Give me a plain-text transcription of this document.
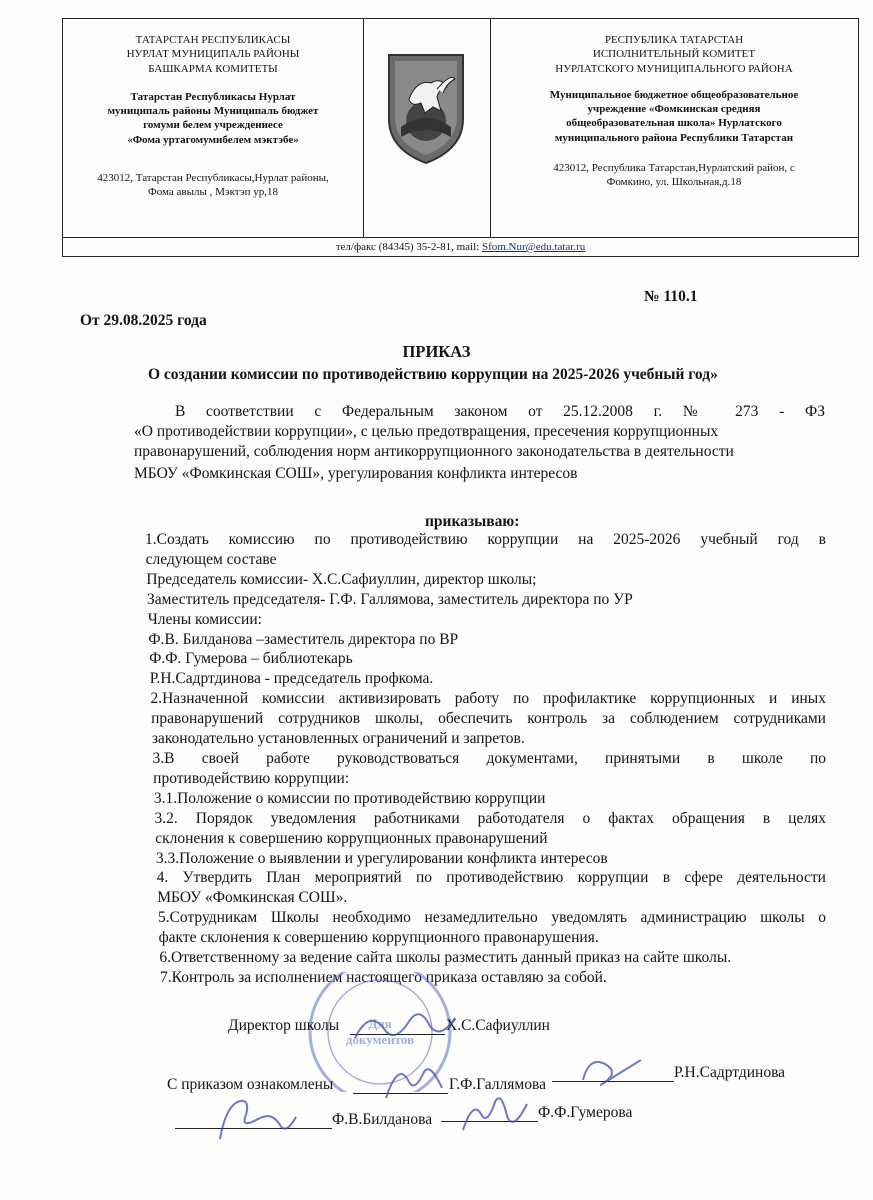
ТАТАРСТАН РЕСПУБЛИКАСЫ

НУРЛАТ МУНИЦИПАЛЬ РАЙОНЫ

БАШКАРМА КОМИТЕТЫ

Татарстан Республикасы Нурлат

муниципаль районы Муниципаль бюджет

гомуми белем учреждениесе

«Фома уртагомумибелем мэктэбе»

423012, Татарстан Республикасы,Нурлат районы,

Фома авылы , Мэктэп ур,18

РЕСПУБЛИКА ТАТАРСТАН

ИСПОЛНИТЕЛЬНЫЙ КОМИТЕТ

НУРЛАТСКОГО МУНИЦИПАЛЬНОГО РАЙОНА

Муниципальное бюджетное общеобразовательное

учреждение «Фомкинская средняя

общеобразовательная школа» Нурлатского

муниципального района Республики Татарстан

423012, Республика Татарстан,Нурлатский район, с

Фомкино, ул. Школьная,д.18

тел/факс (84345) 35-2-81, mail: Sfom.Nur@edu.tatar.ru
№ 110.1
От 29.08.2025 года
ПРИКАЗ
О создании комиссии по противодействию коррупции на 2025-2026 учебный год»
В соответствии с Федеральным законом от 25.12.2008 г. № 273 - ФЗ
«О противодействии коррупции», с целью предотвращения, пресечения коррупционных
правонарушений, соблюдения норм антикоррупционного законодательства в деятельности
МБОУ «Фомкинская СОШ», урегулирования конфликта интересов
приказываю:
1.Создать комиссию по противодействию коррупции на 2025-2026 учебный год в
следующем составе
Председатель комиссии- Х.С.Сафиуллин, директор школы;
Заместитель председателя- Г.Ф. Галлямова, заместитель директора по УР
Члены комиссии:
Ф.В. Билданова –заместитель директора по ВР
Ф.Ф. Гумерова – библиотекарь
Р.Н.Садртдинова - председатель профкома.
2.Назначенной комиссии активизировать работу по профилактике коррупционных и иных
правонарушений сотрудников школы, обеспечить контроль за соблюдением сотрудниками
законодательно установленных ограничений и запретов.
3.В своей работе руководствоваться документами, принятыми в школе по
противодействию коррупции:
3.1.Положение о комиссии по противодействию коррупции
3.2. Порядок уведомления работниками работодателя о фактах обращения в целях
склонения к совершению коррупционных правонарушений
3.3.Положение о выявлении и урегулировании конфликта интересов
4. Утвердить План мероприятий по противодействию коррупции в сфере деятельности
МБОУ «Фомкинская СОШ».
5.Сотрудникам Школы необходимо незамедлительно уведомлять администрацию школы о
факте склонения к совершению коррупционного правонарушения.
6.Ответственному за ведение сайта школы разместить данный приказ на сайте школы.
7.Контроль за исполнением настоящего приказа оставляю за собой.
Для
документов
Директор школы	Х.С.Сафиуллин
С приказом ознакомлены	Г.Ф.Галлямова
Р.Н.Садртдинова
Ф.В.Билданова	Ф.Ф.Гумерова
